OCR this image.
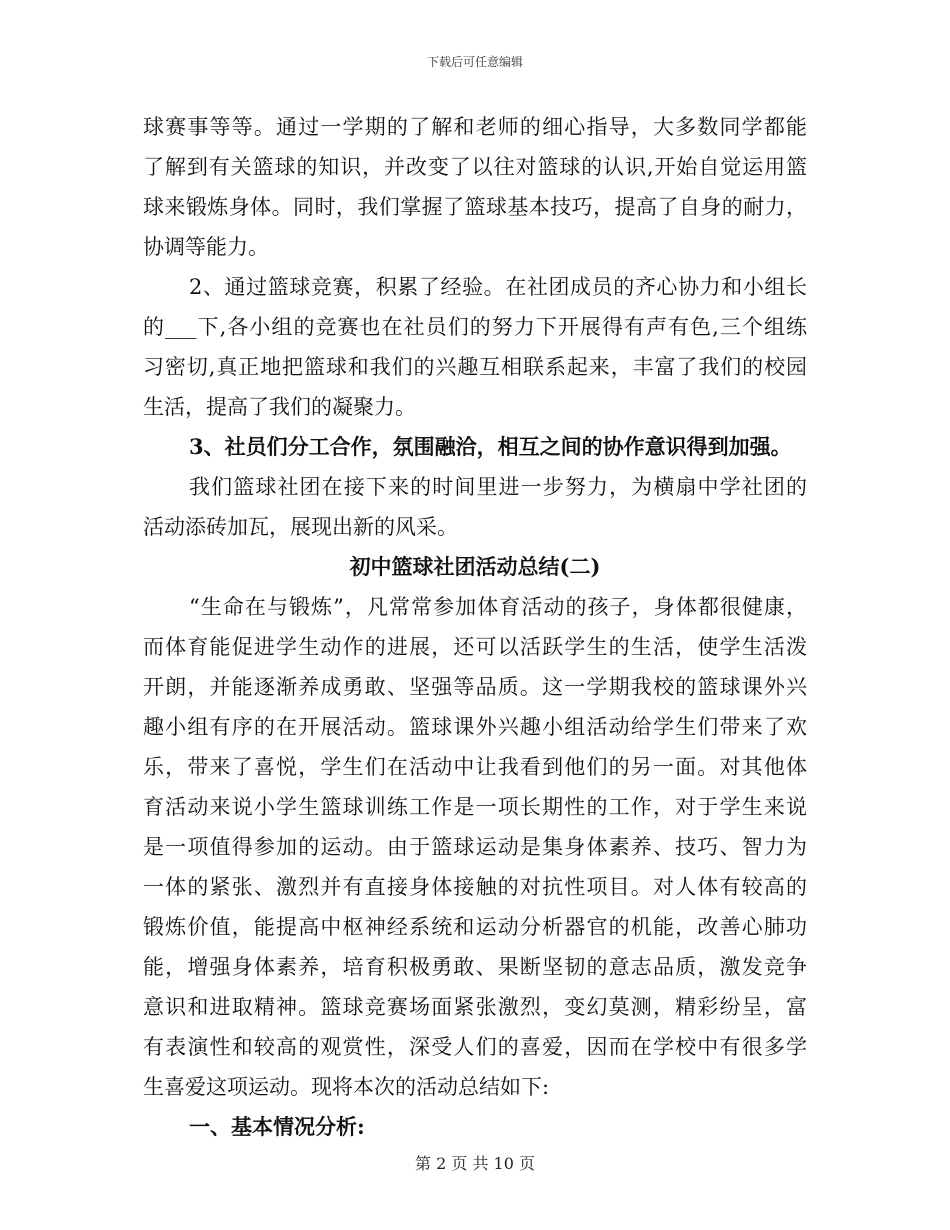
下载后可任意编辑
球赛事等等。通过一学期的了解和老师的细心指导，大多数同学都能
了解到有关篮球的知识，并改变了以往对篮球的认识,开始自觉运用篮
球来锻炼身体。同时，我们掌握了篮球基本技巧，提高了自身的耐力，
协调等能力。
2、通过篮球竞赛，积累了经验。在社团成员的齐心协力和小组长
的___下,各小组的竞赛也在社员们的努力下开展得有声有色,三个组练
习密切,真正地把篮球和我们的兴趣互相联系起来，丰富了我们的校园
生活，提高了我们的凝聚力。
3、社员们分工合作，氛围融洽，相互之间的协作意识得到加强。
我们篮球社团在接下来的时间里进一步努力，为横扇中学社团的
活动添砖加瓦，展现出新的风采。
初中篮球社团活动总结(二)
“生命在与锻炼”，凡常常参加体育活动的孩子，身体都很健康，
而体育能促进学生动作的进展，还可以活跃学生的生活，使学生活泼
开朗，并能逐渐养成勇敢、坚强等品质。这一学期我校的篮球课外兴
趣小组有序的在开展活动。篮球课外兴趣小组活动给学生们带来了欢
乐，带来了喜悦，学生们在活动中让我看到他们的另一面。对其他体
育活动来说小学生篮球训练工作是一项长期性的工作，对于学生来说
是一项值得参加的运动。由于篮球运动是集身体素养、技巧、智力为
一体的紧张、激烈并有直接身体接触的对抗性项目。对人体有较高的
锻炼价值，能提高中枢神经系统和运动分析器官的机能，改善心肺功
能，增强身体素养，培育积极勇敢、果断坚韧的意志品质，激发竞争
意识和进取精神。篮球竞赛场面紧张激烈，变幻莫测，精彩纷呈，富
有表演性和较高的观赏性，深受人们的喜爱，因而在学校中有很多学
生喜爱这项运动。现将本次的活动总结如下:
一、基本情况分析:
第 2 页 共 10 页
